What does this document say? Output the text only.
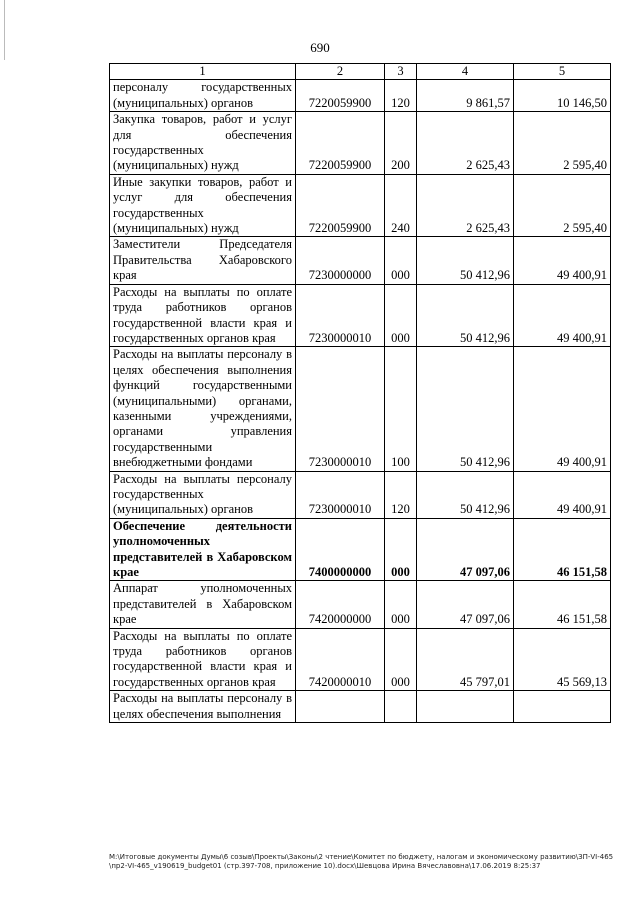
690
1	2	3	4	5
персоналу государственных (муниципальных) органов	7220059900	120	9 861,57	10 146,50
Закупка товаров, работ и услуг для обеспечения государственных (муниципальных) нужд	7220059900	200	2 625,43	2 595,40
Иные закупки товаров, работ и услуг для обеспечения государственных (муниципальных) нужд	7220059900	240	2 625,43	2 595,40
Заместители Председателя Правительства Хабаровского края	7230000000	000	50 412,96	49 400,91
Расходы на выплаты по оплате труда работников органов государственной власти края и государственных органов края	7230000010	000	50 412,96	49 400,91
Расходы на выплаты персоналу в целях обеспечения выполнения функций государственными (муниципальными) органами, казенными учреждениями, органами управления государственными внебюджетными фондами	7230000010	100	50 412,96	49 400,91
Расходы на выплаты персоналу государственных (муниципальных) органов	7230000010	120	50 412,96	49 400,91
Обеспечение деятельности уполномоченных представителей в Хабаровском крае	7400000000	000	47 097,06	46 151,58
Аппарат уполномоченных представителей в Хабаровском крае	7420000000	000	47 097,06	46 151,58
Расходы на выплаты по оплате труда работников органов государственной власти края и государственных органов края	7420000010	000	45 797,01	45 569,13
Расходы на выплаты персоналу в целях обеспечения выполнения				
M:\Итоговые документы Думы\6 созыв\Проекты\Законы\2 чтение\Комитет по бюджету, налогам и экономическому развитию\ЗП-VI-465\пр2-VI-465_v190619_budget01 (стр.397-708, приложение 10).docx\Шевцова Ирина Вячеславовна\17.06.2019 8:25:37
